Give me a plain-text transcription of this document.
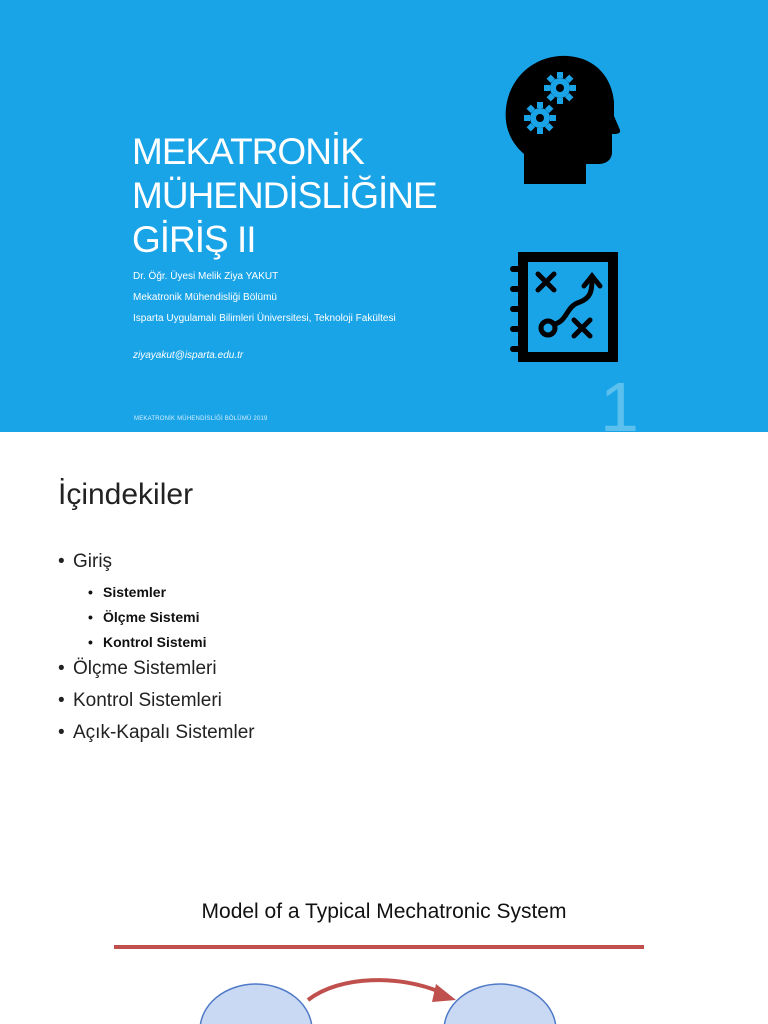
MEKATRONİK
MÜHENDİSLİĞİNE
GİRİŞ II
Dr. Öğr. Üyesi Melik Ziya YAKUT
Mekatronik Mühendisliği Bölümü
Isparta Uygulamalı Bilimleri Üniversitesi, Teknoloji Fakültesi
ziyayakut@isparta.edu.tr
MEKATRONİK MÜHENDİSLİĞİ BÖLÜMÜ 2019	1
İçindekiler
• Giriş
• Sistemler
• Ölçme Sistemi
• Kontrol Sistemi
• Ölçme Sistemleri
• Kontrol Sistemleri
• Açık-Kapalı Sistemler
Model of a Typical Mechatronic System
